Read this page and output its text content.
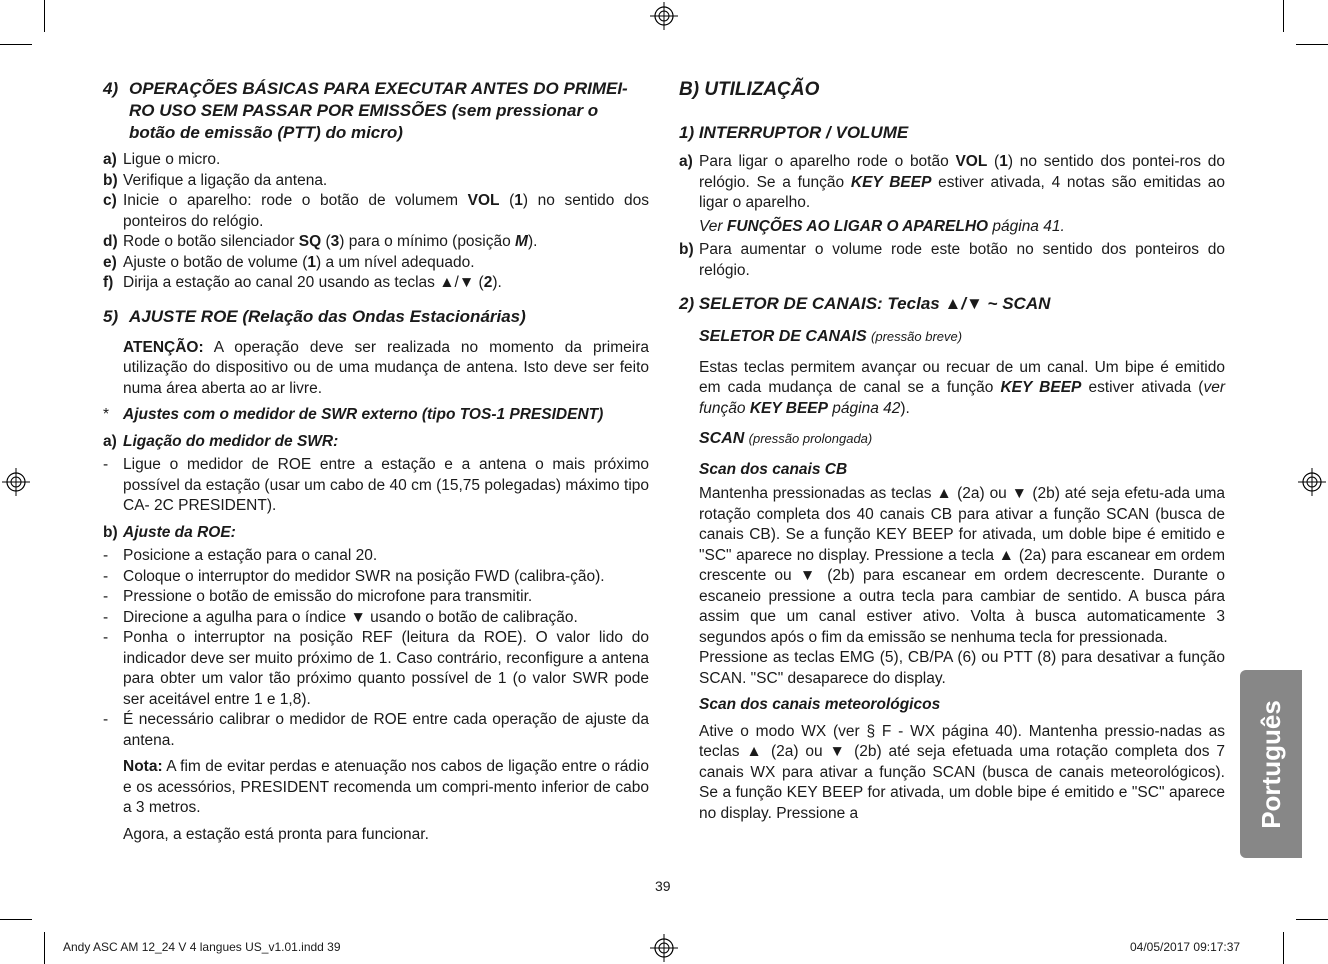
4) OPERAÇÕES BÁSICAS PARA EXECUTAR ANTES DO PRIMEI-RO USO SEM PASSAR POR EMISSÕES (sem pressionar o botão de emissão (PTT) do micro)
a) Ligue o micro.
b) Verifique a ligação da antena.
c) Inicie o aparelho: rode o botão de volumem VOL (1) no sentido dos ponteiros do relógio.
d) Rode o botão silenciador SQ (3) para o mínimo (posição M).
e) Ajuste o botão de volume (1) a um nível adequado.
f) Dirija a estação ao canal 20 usando as teclas ▲/▼ (2).
5) AJUSTE ROE (Relação das Ondas Estacionárias)
ATENÇÃO: A operação deve ser realizada no momento da primeira utilização do dispositivo ou de uma mudança de antena. Isto deve ser feito numa área aberta ao ar livre.
* Ajustes com o medidor de SWR externo (tipo TOS-1 PRESIDENT)
a) Ligação do medidor de SWR:
- Ligue o medidor de ROE entre a estação e a antena o mais próximo possível da estação (usar um cabo de 40 cm (15,75 polegadas) máximo tipo CA- 2C PRESIDENT).
b) Ajuste da ROE:
- Posicione a estação para o canal 20.
- Coloque o interruptor do medidor SWR na posição FWD (calibra-ção).
- Pressione o botão de emissão do microfone para transmitir.
- Direcione a agulha para o índice ▼ usando o botão de calibração.
- Ponha o interruptor na posição REF (leitura da ROE). O valor lido do indicador deve ser muito próximo de 1. Caso contrário, reconfigure a antena para obter um valor tão próximo quanto possível de 1 (o valor SWR pode ser aceitável entre 1 e 1,8).
- É necessário calibrar o medidor de ROE entre cada operação de ajuste da antena.
Nota: A fim de evitar perdas e atenuação nos cabos de ligação entre o rádio e os acessórios, PRESIDENT recomenda um compri-mento inferior de cabo a 3 metros.
Agora, a estação está pronta para funcionar.
B) UTILIZAÇÃO
1) INTERRUPTOR / VOLUME
a) Para ligar o aparelho rode o botão VOL (1) no sentido dos pontei-ros do relógio. Se a função KEY BEEP estiver ativada, 4 notas são emitidas ao ligar o aparelho.
Ver FUNÇÕES AO LIGAR O APARELHO página 41.
b) Para aumentar o volume rode este botão no sentido dos ponteiros do relógio.
2) SELETOR DE CANAIS: Teclas ▲/▼ ~ SCAN
SELETOR DE CANAIS (pressão breve)
Estas teclas permitem avançar ou recuar de um canal. Um bipe é emitido em cada mudança de canal se a função KEY BEEP estiver ativada (ver função KEY BEEP página 42).
SCAN (pressão prolongada)
Scan dos canais CB
Mantenha pressionadas as teclas ▲ (2a) ou ▼ (2b) até seja efetu-ada uma rotação completa dos 40 canais CB para ativar a função SCAN (busca de canais CB). Se a função KEY BEEP for ativada, um doble bipe é emitido e "SC" aparece no display. Pressione a tecla ▲ (2a) para escanear em ordem crescente ou ▼ (2b) para escanear em ordem decrescente. Durante o escaneio pressione a outra tecla para cambiar de sentido. A busca pára assim que um canal estiver ativo. Volta à busca automaticamente 3 segundos após o fim da emissão se nenhuma tecla for pressionada.
Pressione as teclas EMG (5), CB/PA (6) ou PTT (8) para desativar a função SCAN. "SC" desaparece do display.
Scan dos canais meteorológicos
Ative o modo WX (ver § F - WX página 40). Mantenha pressio-nadas as teclas ▲ (2a) ou ▼ (2b) até seja efetuada uma rotação completa dos 7 canais WX para ativar a função SCAN (busca de canais meteorológicos). Se a função KEY BEEP for ativada, um doble bipe é emitido e "SC" aparece no display. Pressione a	Português
39
Andy ASC AM 12_24 V 4 langues US_v1.01.indd 39	04/05/2017 09:17:37
